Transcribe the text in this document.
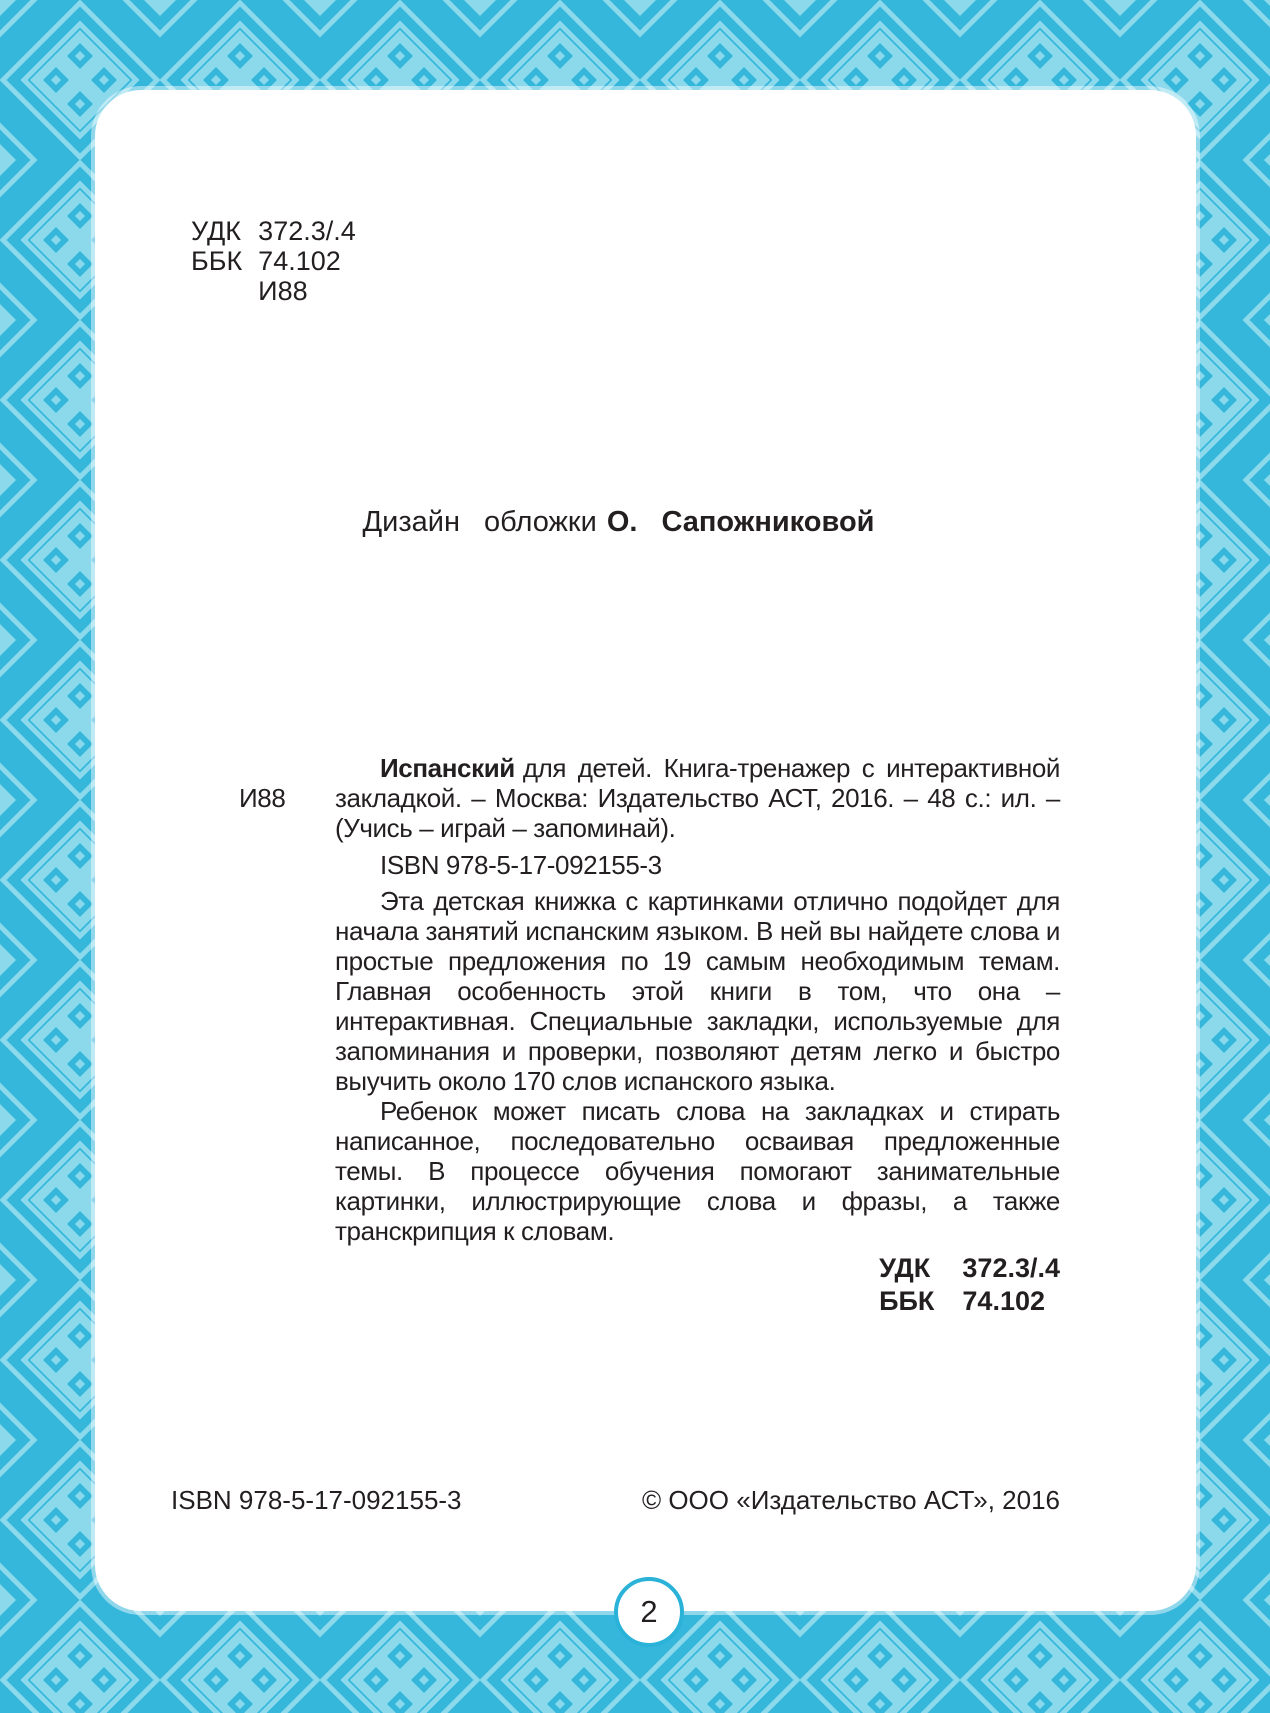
УДК 372.3/.4
ББК 74.102
И88
Дизайн обложки О. Сапожниковой

И88
Испанский для детей. Книга-тренажер с интерактивной закладкой. – Москва: Издательство АСТ, 2016. – 48 с.: ил. – (Учись – играй – запоминай).

ISBN 978-5-17-092155-3

Эта детская книжка с картинками отлично подойдет для начала занятий испанским языком. В ней вы найдете слова и простые предложения по 19 самым необходимым темам. Главная особенность этой книги в том, что она – интерактивная. Специальные закладки, используемые для запоминания и проверки, позволяют детям легко и быстро выучить около 170 слов испанского языка.

Ребенок может писать слова на закладках и стирать написанное, последовательно осваивая предложенные темы. В процессе обучения помогают занимательные картинки, иллюстрирующие слова и фразы, а также транскрипция к словам.

УДК 372.3/.4
ББК 74.102
ISBN 978-5-17-092155-3	© ООО «Издательство АСТ», 2016
2
